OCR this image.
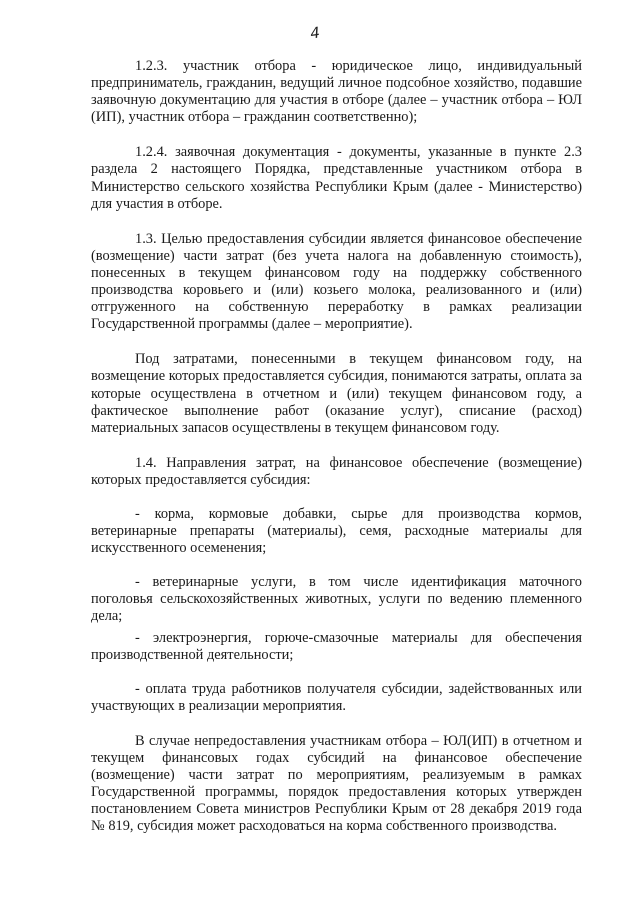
4

1.2.3. участник отбора - юридическое лицо, индивидуальный предприниматель, гражданин, ведущий личное подсобное хозяйство, подавшие заявочную документацию для участия в отборе (далее – участник отбора – ЮЛ (ИП), участник отбора – гражданин соответственно);

1.2.4. заявочная документация - документы, указанные в пункте 2.3 раздела 2 настоящего Порядка, представленные участником отбора в Министерство сельского хозяйства Республики Крым (далее - Министерство) для участия в отборе.

1.3. Целью предоставления субсидии является финансовое обеспечение (возмещение) части затрат (без учета налога на добавленную стоимость), понесенных в текущем финансовом году на поддержку собственного производства коровьего и (или) козьего молока, реализованного и (или) отгруженного на собственную переработку в рамках реализации Государственной программы (далее – мероприятие).

Под затратами, понесенными в текущем финансовом году, на возмещение которых предоставляется субсидия, понимаются затраты, оплата за которые осуществлена в отчетном и (или) текущем финансовом году, а фактическое выполнение работ (оказание услуг), списание (расход) материальных запасов осуществлены в текущем финансовом году.

1.4. Направления затрат, на финансовое обеспечение (возмещение) которых предоставляется субсидия:

- корма, кормовые добавки, сырье для производства кормов, ветеринарные препараты (материалы), семя, расходные материалы для искусственного осеменения;

- ветеринарные услуги, в том числе идентификация маточного поголовья сельскохозяйственных животных, услуги по ведению племенного дела;

- электроэнергия, горюче-смазочные материалы для обеспечения производственной деятельности;

- оплата труда работников получателя субсидии, задействованных или участвующих в реализации мероприятия.

В случае непредоставления участникам отбора – ЮЛ(ИП) в отчетном и текущем финансовых годах субсидий на финансовое обеспечение (возмещение) части затрат по мероприятиям, реализуемым в рамках Государственной программы, порядок предоставления которых утвержден постановлением Совета министров Республики Крым от 28 декабря 2019 года № 819, субсидия может расходоваться на корма собственного производства.
